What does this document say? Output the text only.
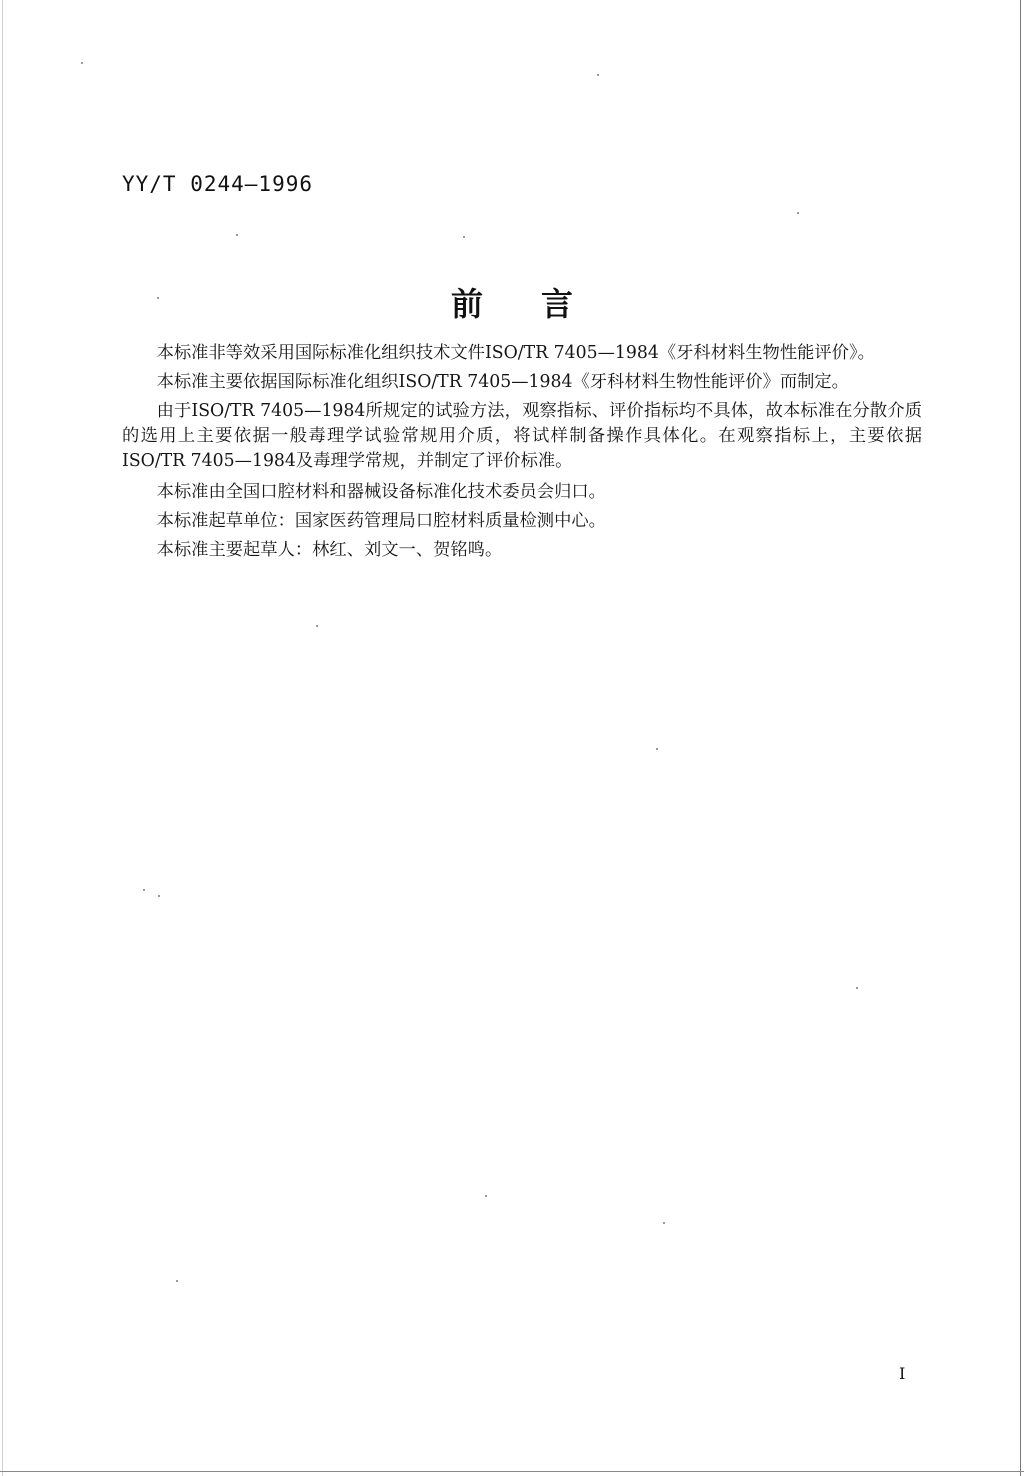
YY/T 0244—1996
前言

本标准非等效采用国际标准化组织技术文件ISO/TR 7405—1984《牙科材料生物性能评价》。

本标准主要依据国际标准化组织ISO/TR 7405—1984《牙科材料生物性能评价》而制定。

由于ISO/TR 7405—1984所规定的试验方法，观察指标、评价指标均不具体，故本标准在分散介质的选用上主要依据一般毒理学试验常规用介质，将试样制备操作具体化。在观察指标上，主要依据ISO/TR 7405—1984及毒理学常规，并制定了评价标准。

本标准由全国口腔材料和器械设备标准化技术委员会归口。

本标准起草单位：国家医药管理局口腔材料质量检测中心。

本标准主要起草人：林红、刘文一、贺铭鸣。

I
